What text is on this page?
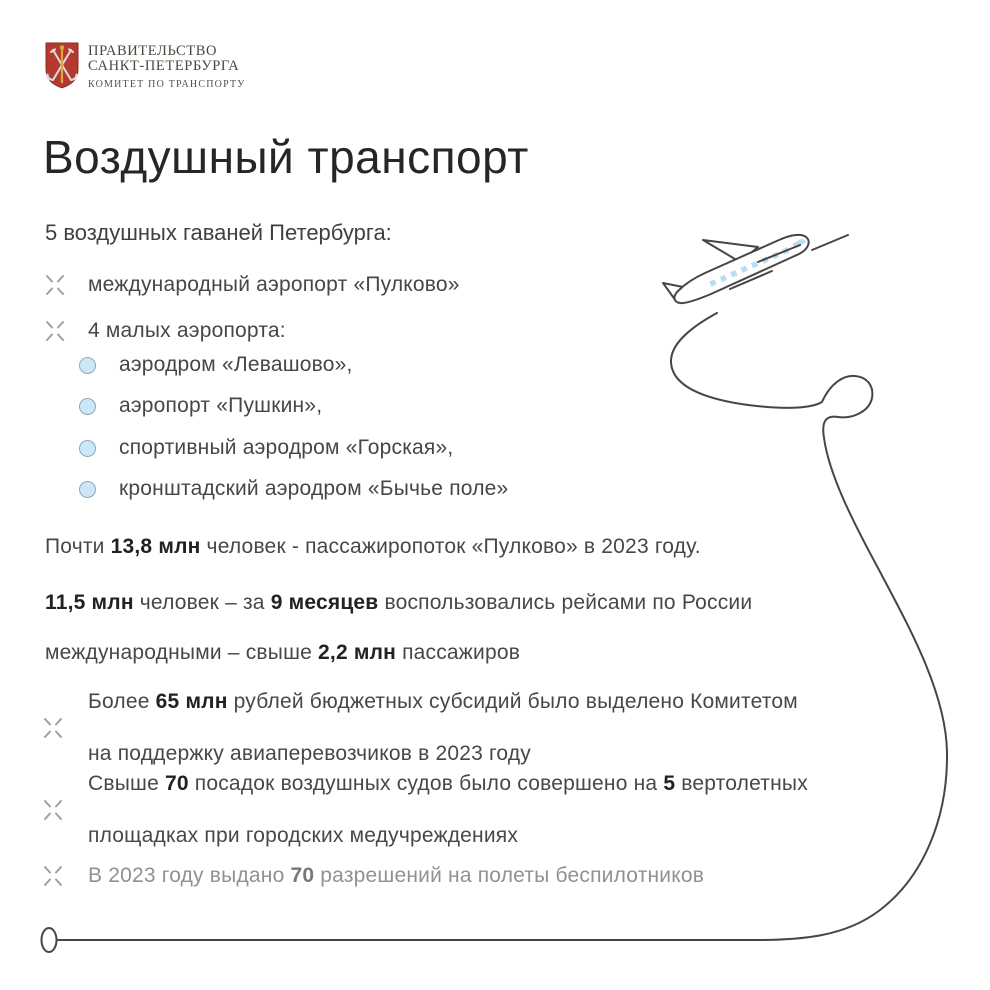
ПРАВИТЕЛЬСТВО
САНКТ-ПЕТЕРБУРГА
КОМИТЕТ ПО ТРАНСПОРТУ
Воздушный транспорт
5 воздушных гаваней Петербурга:
международный аэропорт «Пулково»
4 малых аэропорта:
аэродром «Левашово»,
аэропорт «Пушкин»,
спортивный аэродром «Горская»,
кронштадский аэродром «Бычье поле»
Почти 13,8 млн человек - пассажиропоток «Пулково» в 2023 году.
11,5 млн человек – за 9 месяцев воспользовались рейсами по России
международными – свыше 2,2 млн пассажиров
Более 65 млн рублей бюджетных субсидий было выделено Комитетом
на поддержку авиаперевозчиков в 2023 году
Свыше 70 посадок воздушных судов было совершено на 5 вертолетных
площадках при городских медучреждениях
В 2023 году выдано 70 разрешений на полеты беспилотников
